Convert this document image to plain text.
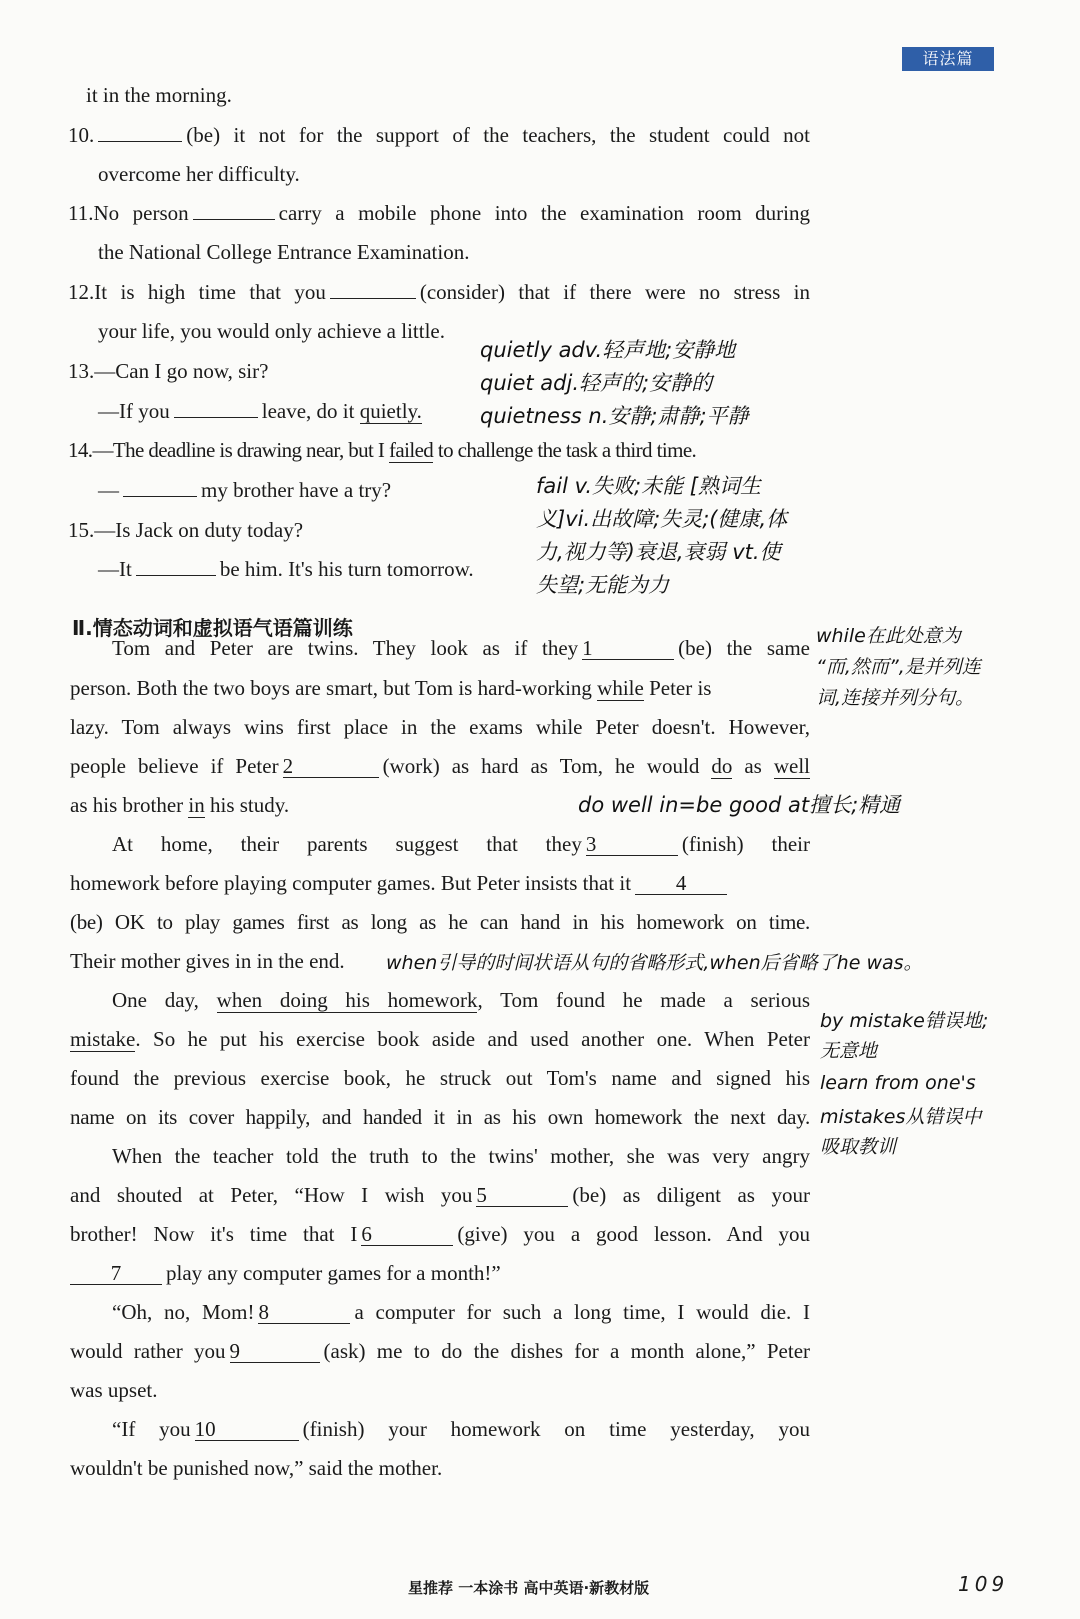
语法篇
it in the morning.
10.	(be) it not for the support of the teachers, the student could not
overcome her difficulty.
11.No person	carry a mobile phone into the examination room during
the National College Entrance Examination.
12.It is high time that you	(consider) that if there were no stress in
your life, you would only achieve a little.
13.—Can I go now, sir?
—If you	leave, do it quietly.
14.—The deadline is drawing near, but I failed to challenge the task a third time.
—	my brother have a try?
15.—Is Jack on duty today?
—It	be him. It's his turn tomorrow.
Ⅱ.情态动词和虚拟语气语篇训练
Tom and Peter are twins. They look as if they 1	(be) the same
person. Both the two boys are smart, but Tom is hard-working while Peter is
lazy. Tom always wins first place in the exams while Peter doesn't. However,
people believe if Peter 2	(work) as hard as Tom, he would do as well
as his brother in his study.
At home, their parents suggest that they 3	(finish) their
homework before playing computer games. But Peter insists that it 4
(be) OK to play games first as long as he can hand in his homework on time.
Their mother gives in in the end.
One day, when doing his homework, Tom found he made a serious
mistake. So he put his exercise book aside and used another one. When Peter
found the previous exercise book, he struck out Tom's name and signed his
name on its cover happily, and handed it in as his own homework the next day.
When the teacher told the truth to the twins' mother, she was very angry
and shouted at Peter, “How I wish you 5	(be) as diligent as your
brother! Now it's time that I 6	(give) you a good lesson. And you
7 play any computer games for a month!”
“Oh, no, Mom! 8	a computer for such a long time, I would die. I
would rather you 9	(ask) me to do the dishes for a month alone,” Peter
was upset.
“If you 10	(finish) your homework on time yesterday, you
wouldn't be punished now,” said the mother.
quietly adv.轻声地;安静地
quiet adj.轻声的;安静的
quietness n.安静;肃静;平静
fail v.失败;未能 [熟词生
义]vi.出故障;失灵;(健康,体
力,视力等)衰退,衰弱 vt.使
失望;无能为力
while在此处意为
“而,然而”,是并列连
词,连接并列分句。
do well in=be good at擅长;精通
when引导的时间状语从句的省略形式,when后省略了he was。
by mistake错误地;
无意地
learn from one's
mistakes从错误中
吸取教训
星推荐 一本涂书 高中英语·新教材版	109
